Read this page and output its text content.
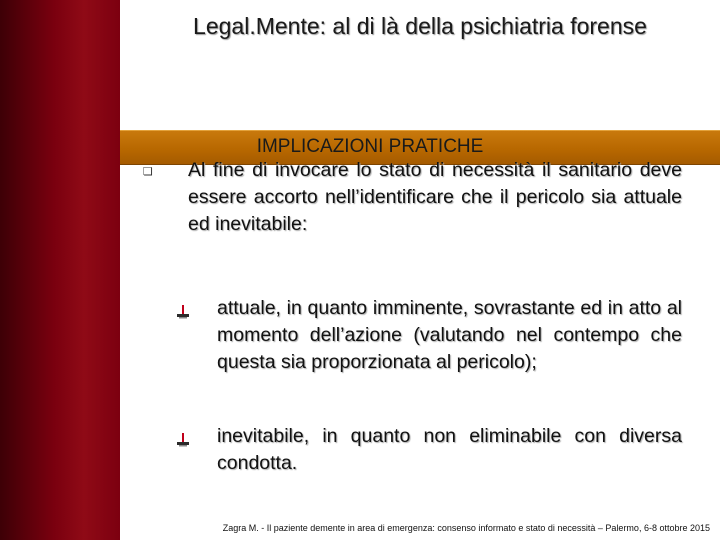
Legal.Mente: al di là della psichiatria forense
IMPLICAZIONI PRATICHE
❏ Al fine di invocare lo stato di necessità il sanitario deve essere accorto nell’identificare che il pericolo sia attuale ed inevitabile:

attuale, in quanto imminente, sovrastante ed in atto al momento dell’azione (valutando nel contempo che questa sia proporzionata al pericolo);

inevitabile, in quanto non eliminabile con diversa condotta.

Zagra M. - Il paziente demente in area di emergenza: consenso informato e stato di necessità – Palermo, 6-8 ottobre 2015
